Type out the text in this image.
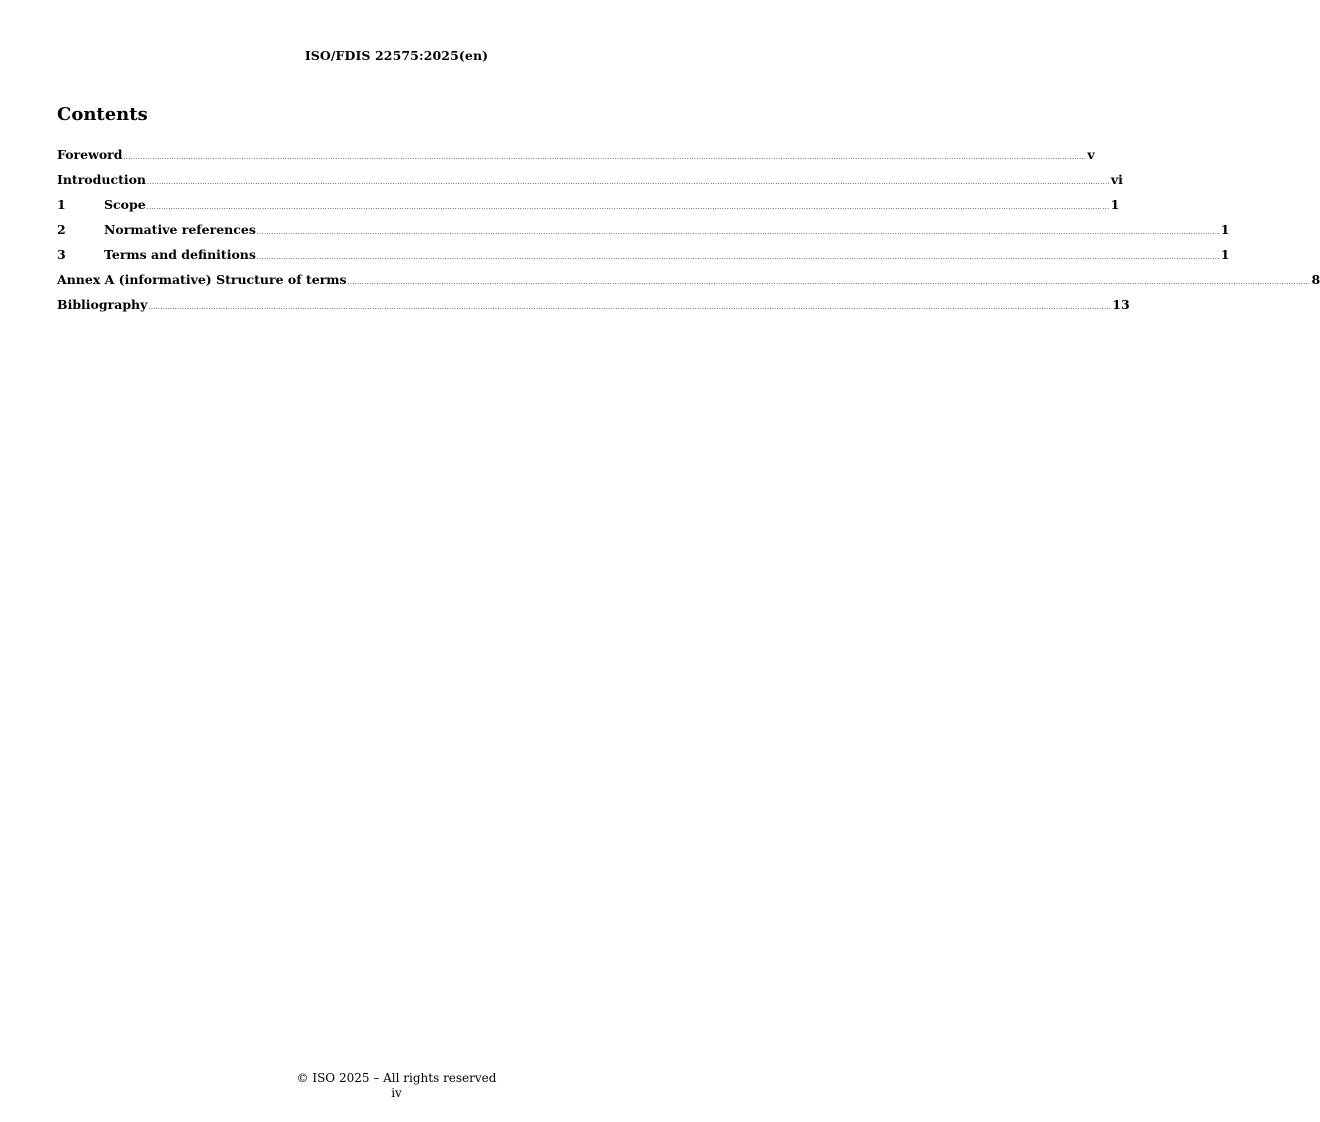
ISO/FDIS 22575:2025(en)
Contents
Foreword ................................................................................................................................................................................................................................................................................................................................................................................................................ v
Introduction ................................................................................................................................................................................................................................................................................................................................................................................................................ vi
1	Scope ................................................................................................................................................................................................................................................................................................................................................................................................................ 1
2	Normative references ................................................................................................................................................................................................................................................................................................................................................................................................................ 1
3	Terms and definitions ................................................................................................................................................................................................................................................................................................................................................................................................................ 1
Annex A (informative) Structure of terms ................................................................................................................................................................................................................................................................................................................................................................................................................ 8
Bibliography ................................................................................................................................................................................................................................................................................................................................................................................................................ 13
© ISO 2025 – All rights reserved
iv
